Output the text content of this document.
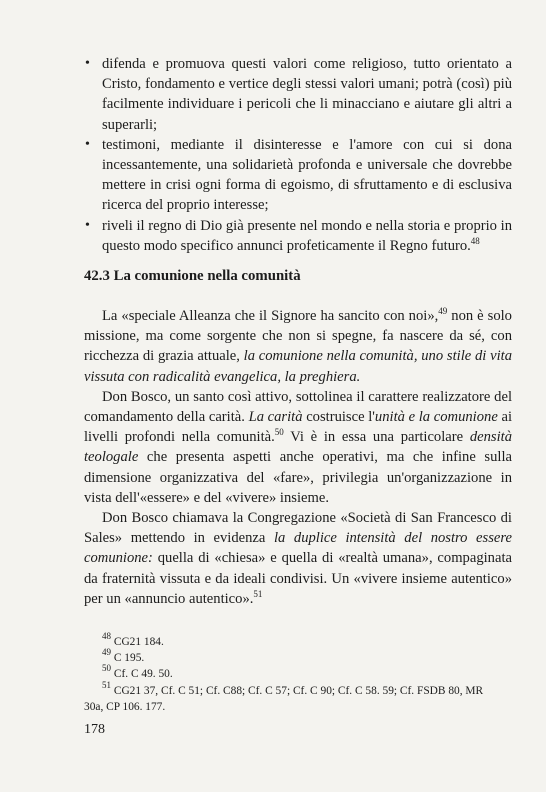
• difenda e promuova questi valori come religioso, tutto orientato a Cristo, fondamento e vertice degli stessi valori umani; potrà (così) più facilmente individuare i pericoli che li minacciano e aiutare gli altri a superarli;
• testimoni, mediante il disinteresse e l'amore con cui si dona incessantemente, una solidarietà profonda e universale che dovrebbe mettere in crisi ogni forma di egoismo, di sfruttamento e di esclusiva ricerca del proprio interesse;
• riveli il regno di Dio già presente nel mondo e nella storia e proprio in questo modo specifico annunci profeticamente il Regno futuro.$^{48}$
42.3 La comunione nella comunità

La «speciale Alleanza che il Signore ha sancito con noi»,$^{49}$ non è solo missione, ma come sorgente che non si spegne, fa nascere da sé, con ricchezza di grazia attuale, la comunione nella comunità, uno stile di vita vissuta con radicalità evangelica, la preghiera.

Don Bosco, un santo così attivo, sottolinea il carattere realizzatore del comandamento della carità. La carità costruisce l'unità e la comunione ai livelli profondi nella comunità.$^{50}$ Vi è in essa una particolare densità teologale che presenta aspetti anche operativi, ma che infine sulla dimensione organizzativa del «fare», privilegia un'organizzazione in vista dell'«essere» e del «vivere» insieme.

Don Bosco chiamava la Congregazione «Società di San Francesco di Sales» mettendo in evidenza la duplice intensità del nostro essere comunione: quella di «chiesa» e quella di «realtà umana», compaginata da fraternità vissuta e da ideali condivisi. Un «vivere insieme autentico» per un «annuncio autentico».$^{51}$

$^{48}$ CG21 184.
$^{49}$ C 195.
$^{50}$ Cf. C 49. 50.
$^{51}$ CG21 37, Cf. C 51; Cf. C88; Cf. C 57; Cf. C 90; Cf. C 58. 59; Cf. FSDB 80, MR
30a, CP 106. 177.
178
